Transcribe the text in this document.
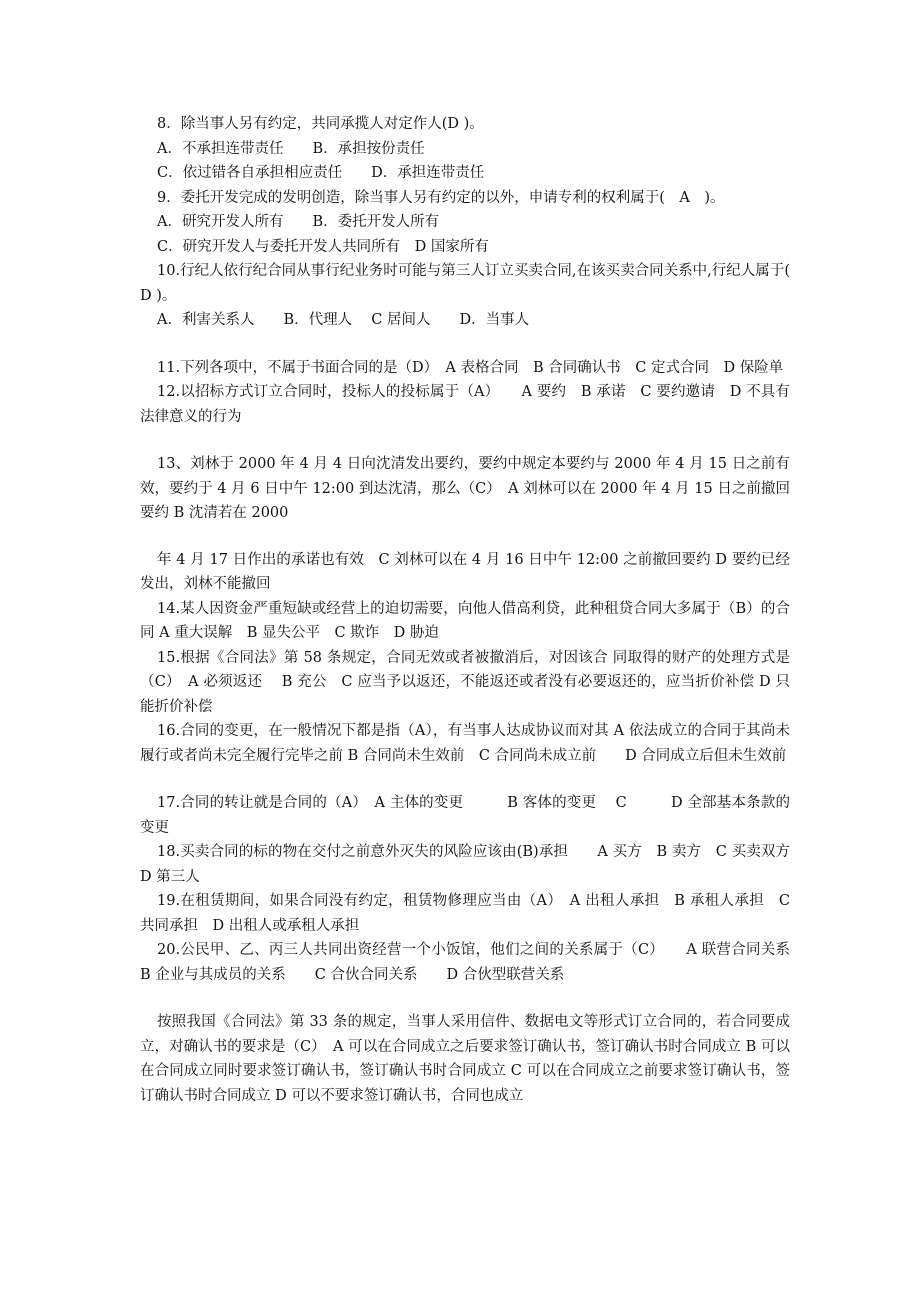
8．除当事人另有约定，共同承揽人对定作人(D )。

A．不承担连带责任　　B．承担按份责任

C．依过错各自承担相应责任　　D．承担连带责任

9．委托开发完成的发明创造，除当事人另有约定的以外，申请专利的权利属于(　A　)。

A．研究开发人所有　　B．委托开发人所有

C．研究开发人与委托开发人共同所有　D 国家所有

10.行纪人依行纪合同从事行纪业务时可能与第三人订立买卖合同,在该买卖合同关系中,行纪人属于( D )。

A．利害关系人　　B．代理人　 C 居间人　　D．当事人

11.下列各项中，不属于书面合同的是（D）　A 表格合同　B 合同确认书　C 定式合同　D 保险单

12.以招标方式订立合同时，投标人的投标属于（A）　　A 要约　B 承诺　C 要约邀请　D 不具有法律意义的行为

13、刘林于 2000 年 4 月 4 日向沈清发出要约，要约中规定本要约与 2000 年 4 月 15 日之前有效，要约于 4 月 6 日中午 12:00 到达沈清，那么（C）　A 刘林可以在 2000 年 4 月 15 日之前撤回要约 B 沈清若在 2000

年 4 月 17 日作出的承诺也有效　C 刘林可以在 4 月 16 日中午 12:00 之前撤回要约 D 要约已经发出，刘林不能撤回

14.某人因资金严重短缺或经营上的迫切需要，向他人借高利贷，此种租贷合同大多属于（B）的合同 A 重大误解　B 显失公平　C 欺诈　D 胁迫

15.根据《合同法》第 58 条规定，合同无效或者被撤消后，对因该合 同取得的财产的处理方式是（C）　A 必须返还　 B 充公　C 应当予以返还，不能返还或者没有必要返还的，应当折价补偿 D 只能折价补偿

16.合同的变更，在一般情况下都是指（A），有当事人达成协议而对其 A 依法成立的合同于其尚未履行或者尚未完全履行完毕之前 B 合同尚未生效前　C 合同尚未成立前　　D 合同成立后但未生效前

17.合同的转让就是合同的（A）　A 主体的变更　　　B 客体的变更　 C　　　D 全部基本条款的变更

18.买卖合同的标的物在交付之前意外灭失的风险应该由(B)承担　　A 买方　B 卖方　C 买卖双方　D 第三人

19.在租赁期间，如果合同没有约定，租赁物修理应当由（A）　A 出租人承担　B 承租人承担　C 共同承担　D 出租人或承租人承担

20.公民甲、乙、丙三人共同出资经营一个小饭馆，他们之间的关系属于（C）　　A 联营合同关系　　B 企业与其成员的关系　　C 合伙合同关系　　D 合伙型联营关系

按照我国《合同法》第 33 条的规定，当事人采用信件、数据电文等形式订立合同的，若合同要成立，对确认书的要求是（C）　A 可以在合同成立之后要求签订确认书，签订确认书时合同成立 B 可以在合同成立同时要求签订确认书，签订确认书时合同成立 C 可以在合同成立之前要求签订确认书，签订确认书时合同成立 D 可以不要求签订确认书，合同也成立
